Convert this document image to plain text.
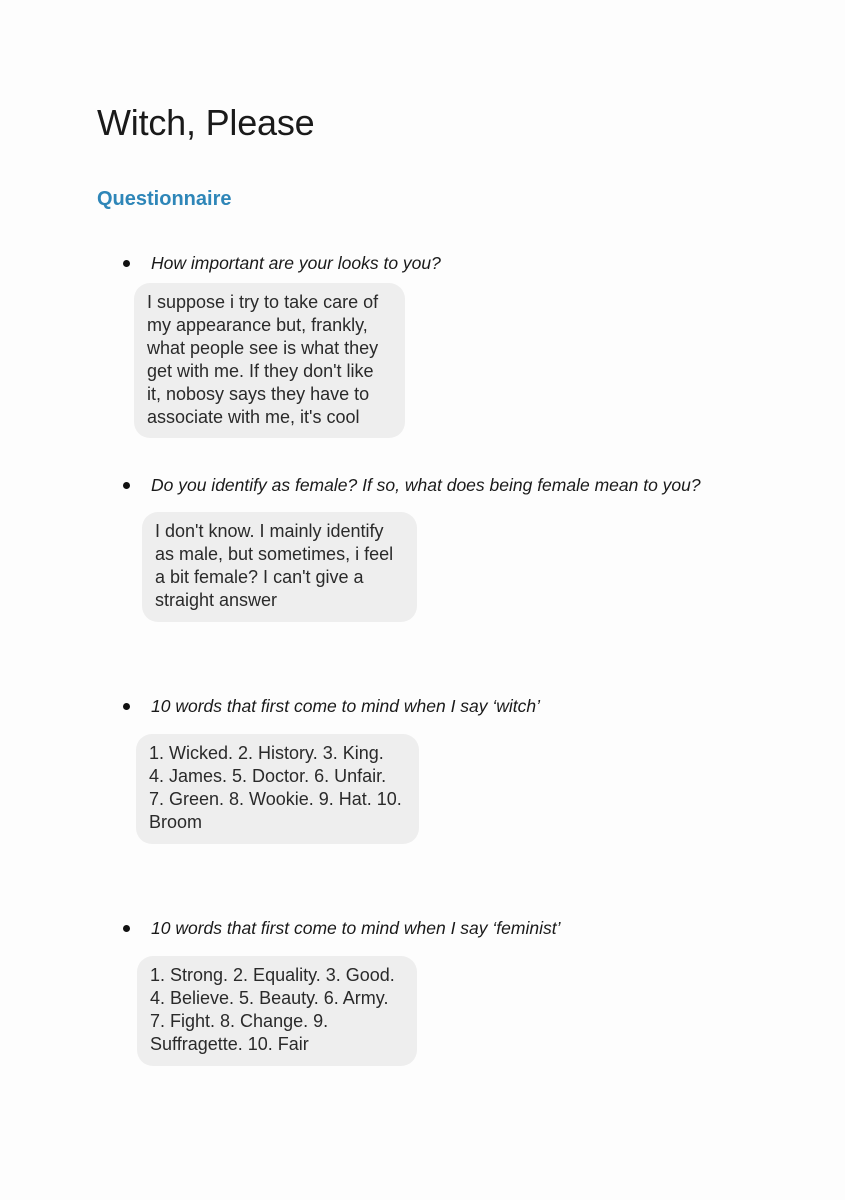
Witch, Please
Questionnaire
How important are your looks to you?
I suppose i try to take care of
my appearance but, frankly,
what people see is what they
get with me. If they don't like
it, nobosy says they have to
associate with me, it's cool
Do you identify as female? If so, what does being female mean to you?
I don't know. I mainly identify
as male, but sometimes, i feel
a bit female? I can't give a
straight answer
10 words that first come to mind when I say ‘witch’
1. Wicked. 2. History. 3. King.
4. James. 5. Doctor. 6. Unfair.
7. Green. 8. Wookie. 9. Hat. 10.
Broom
10 words that first come to mind when I say ‘feminist’
1. Strong. 2. Equality. 3. Good.
4. Believe. 5. Beauty. 6. Army.
7. Fight. 8. Change. 9.
Suffragette. 10. Fair
